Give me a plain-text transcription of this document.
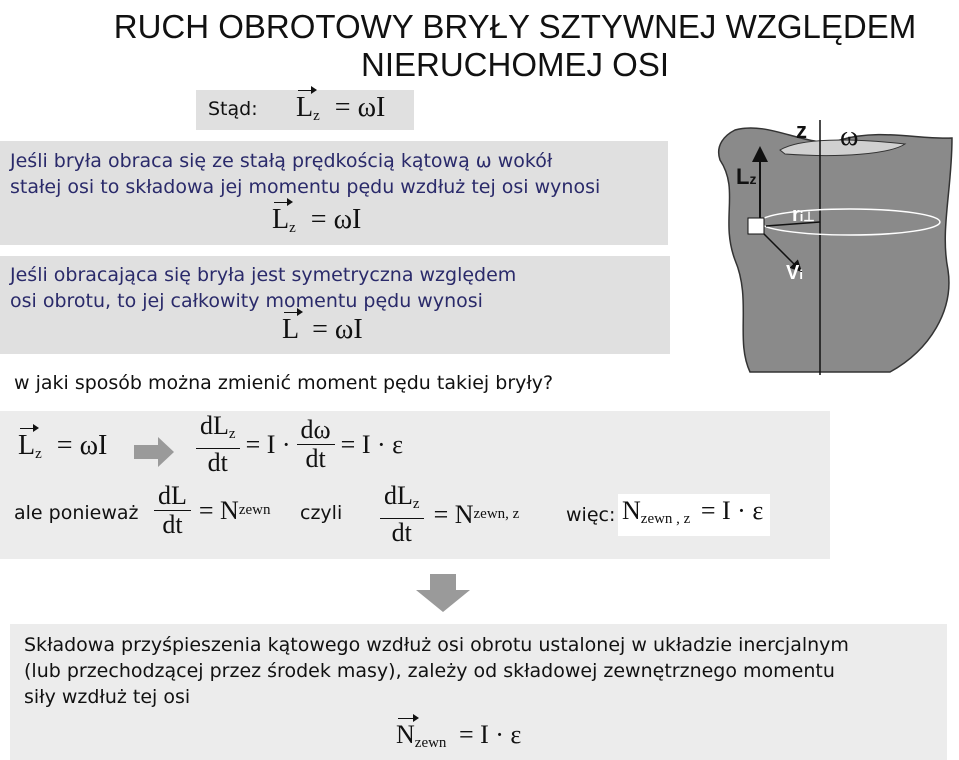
RUCH OBROTOWY BRYŁY SZTYWNEJ WZGLĘDEM
NIERUCHOMEJ OSI
Stąd: Lz = ωI
Jeśli bryła obraca się ze stałą prędkością kątową ω wokół
stałej osi to składowa jej momentu pędu wzdłuż tej osi wynosi
Lz = ωI
Jeśli obracająca się bryła jest symetryczna względem
osi obrotu, to jej całkowity momentu pędu wynosi
L = ωI
z ω
Lz
ri⊥
Vi
w jaki sposób można zmienić moment pędu takiej bryły?
Lz = ωI	$\frac{\text{dLz}}{dt} = I \cdot \frac{d\omega}{dt} = I \cdot \varepsilon$
ale ponieważ $\frac{dL}{dt} = N$ zewn czyli $\frac{\text{dLz}}{dt} = N$ zewn, z więc: Nzewn , z = I · ε
Składowa przyśpieszenia kątowego wzdłuż osi obrotu ustalonej w układzie inercjalnym
(lub przechodzącej przez środek masy), zależy od składowej zewnętrznego momentu
siły wzdłuż tej osi
Nzewn = I · ε
